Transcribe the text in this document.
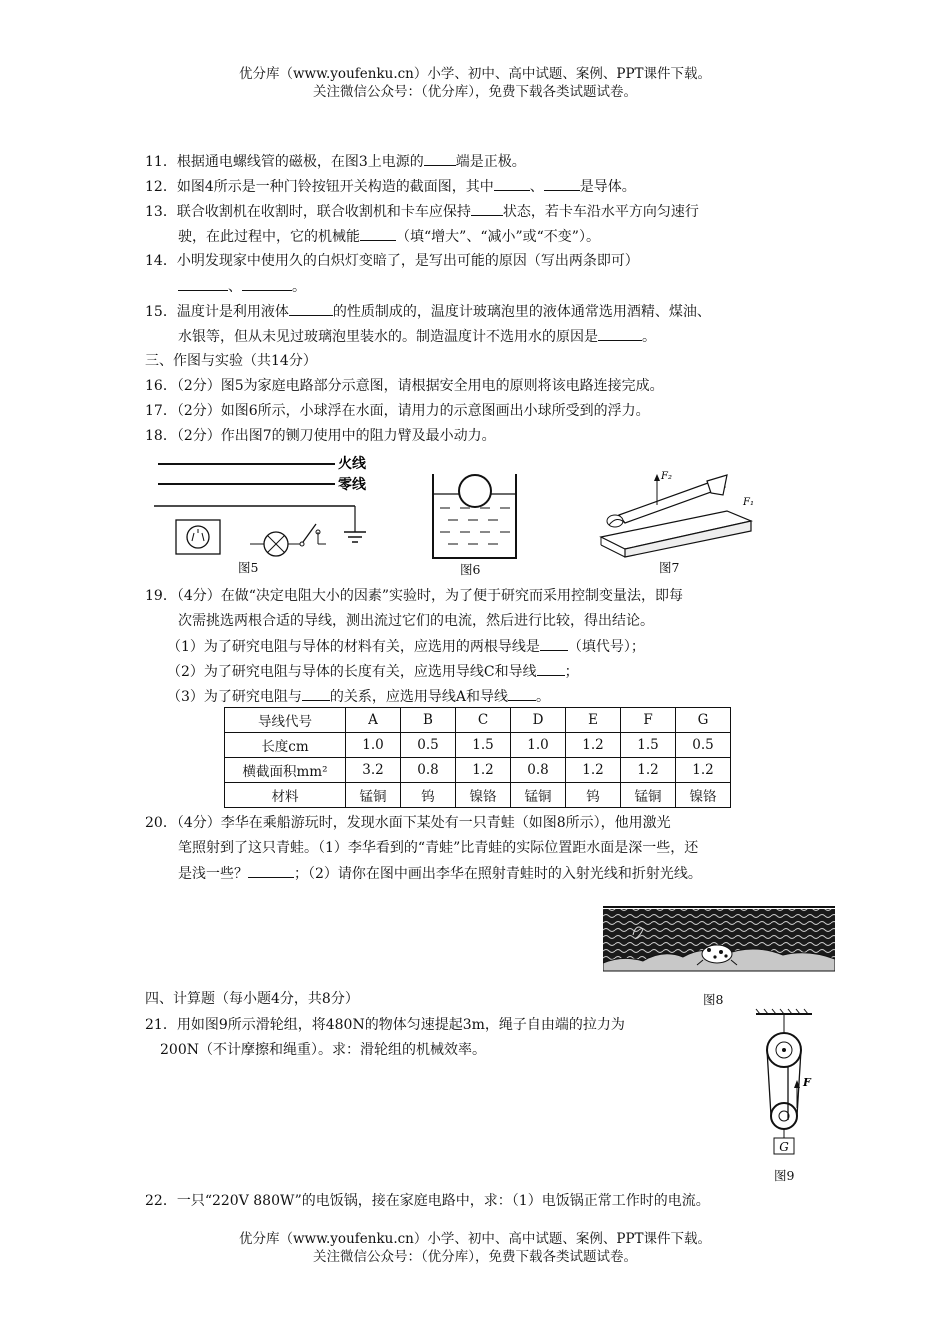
优分库（www.youfenku.cn）小学、初中、高中试题、案例、PPT课件下载。
关注微信公众号：（优分库），免费下载各类试题试卷。
11．根据通电螺线管的磁极，在图3上电源的 端是正极。
12．如图4所示是一种门铃按钮开关构造的截面图，其中	、	是导体。
13．联合收割机在收割时，联合收割机和卡车应保持 状态，若卡车沿水平方向匀速行
驶，在此过程中，它的机械能	（填“增大”、“减小”或“不变”）。
14．小明发现家中使用久的白炽灯变暗了，是写出可能的原因（写出两条即可）
、	。
15．温度计是利用液体	的性质制成的，温度计玻璃泡里的液体通常选用酒精、煤油、
水银等，但从未见过玻璃泡里装水的。制造温度计不选用水的原因是	。
三、作图与实验（共14分）
16．（2分）图5为家庭电路部分示意图，请根据安全用电的原则将该电路连接完成。
17．（2分）如图6所示，小球浮在水面，请用力的示意图画出小球所受到的浮力。
18．（2分）作出图7的铡刀使用中的阻力臂及最小动力。
火线
零线
图5	图6
F₂
F₁
图7
19．（4分）在做“决定电阻大小的因素”实验时，为了便于研究而采用控制变量法，即每
次需挑选两根合适的导线，测出流过它们的电流，然后进行比较，得出结论。
（1）为了研究电阻与导体的材料有关，应选用的两根导线是 （填代号）；
（2）为了研究电阻与导体的长度有关，应选用导线C和导线 ；
（3）为了研究电阻与 的关系，应选用导线A和导线 。
导线代号	A	B	C	D	E	F	G
长度cm	1.0	0.5	1.5	1.0	1.2	1.5	0.5
横截面积mm²	3.2	0.8	1.2	0.8	1.2	1.2	1.2
材料	锰铜	钨	镍铬	锰铜	钨	锰铜	镍铬
20．（4分）李华在乘船游玩时，发现水面下某处有一只青蛙（如图8所示），他用激光
笔照射到了这只青蛙。（1）李华看到的“青蛙”比青蛙的实际位置距水面是深一些，还
是浅一些？	；（2）请你在图中画出李华在照射青蛙时的入射光线和折射光线。
图8
四、计算题（每小题4分，共8分）
21．用如图9所示滑轮组，将480N的物体匀速提起3m，绳子自由端的拉力为
200N（不计摩擦和绳重）。求：滑轮组的机械效率。
F
G
图9
22．一只“220V 880W”的电饭锅，接在家庭电路中，求：（1）电饭锅正常工作时的电流。
优分库（www.youfenku.cn）小学、初中、高中试题、案例、PPT课件下载。
关注微信公众号：（优分库），免费下载各类试题试卷。
